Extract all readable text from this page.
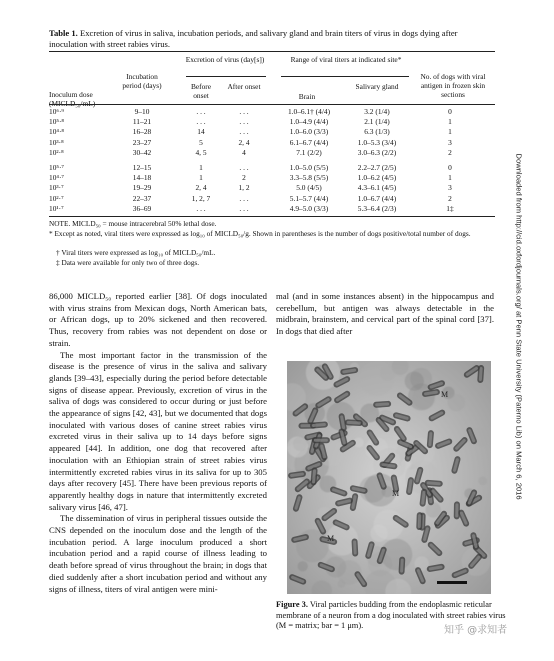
Table 1. Excretion of virus in saliva, incubation periods, and salivary gland and brain titers of virus in dogs dying after inoculation with street rabies virus.
Inoculum dose (MICLD₅₀/mL)
Incubation period (days)
Excretion of virus (day[s])
Before onset
After onset
Range of viral titers at indicated site*
Brain
Salivary gland
No. of dogs with viral antigen in frozen skin sections
10⁶·⁹	9–10	. . .	. . .	1.0–6.1† (4/4)	3.2 (1/4)	0
10⁵·⁸	11–21	. . .	. . .	1.0–4.9 (4/4)	2.1 (1/4)	1
10⁴·⁸	16–28	14	. . .	1.0–6.0 (3/3)	6.3 (1/3)	1
10³·⁸	23–27	5	2, 4	6.1–6.7 (4/4)	1.0–5.3 (3/4)	3
10²·⁸	30–42	4, 5	4	7.1 (2/2)	3.0–6.3 (2/2)	2
10⁵·⁷	12–15	1	. . .	1.0–5.0 (5/5)	2.2–2.7 (2/5)	0
10⁴·⁷	14–18	1	2	3.3–5.8 (5/5)	1.0–6.2 (4/5)	1
10³·⁷	19–29	2, 4	1, 2	5.0 (4/5)	4.3–6.1 (4/5)	3
10²·⁷	22–37	1, 2, 7	. . .	5.1–5.7 (4/4)	1.0–6.7 (4/4)	2
10¹·⁷	36–69	. . .	. . .	4.9–5.0 (3/3)	5.3–6.4 (2/3)	1‡
NOTE. MICLD₅₀ = mouse intracerebral 50% lethal dose.
* Except as noted, viral titers were expressed as log₁₀ of MICLD₅₀/g. Shown in parentheses is the number of dogs positive/total number of dogs.
† Viral titers were expressed as log₁₀ of MICLD₅₀/mL.
‡ Data were available for only two of three dogs.

86,000 MICLD₅₀ reported earlier [38]. Of dogs inoculated with virus strains from Mexican dogs, North American bats, or African dogs, up to 20% sickened and then recovered. Thus, recovery from rabies was not dependent on dose or strain.

The most important factor in the transmission of the disease is the presence of virus in the saliva and salivary glands [39–43], especially during the period before detectable signs of disease appear. Previously, excretion of virus in the saliva of dogs was considered to occur during or just before the appearance of signs [42, 43], but we documented that dogs inoculated with various doses of canine street rabies virus excreted virus in their saliva up to 14 days before signs appeared [44]. In addition, one dog that recovered after inoculation with an Ethiopian strain of street rabies virus intermittently excreted rabies virus in its saliva for up to 305 days after recovery [45]. There have been previous reports of apparently healthy dogs in nature that intermittently excreted salivary virus [46, 47].

The dissemination of virus in peripheral tissues outside the CNS depended on the inoculum dose and the length of the incubation period. A large inoculum produced a short incubation period and a rapid course of illness leading to death before spread of virus throughout the brain; in dogs that died suddenly after a short incubation period and without any signs of illness, titers of viral antigen were mini-

mal (and in some instances absent) in the hippocampus and cerebellum, but antigen was always detectable in the midbrain, brainstem, and cervical part of the spinal cord [37]. In dogs that died after	Downloaded from http://cid.oxfordjournals.org/ at Penn State University (Paterno Lib) on March 6, 2016
M
M
M
Figure 3. Viral particles budding from the endoplasmic reticular membrane of a neuron from a dog inoculated with street rabies virus (M = matrix; bar = 1 μm).	知乎 @求知者
